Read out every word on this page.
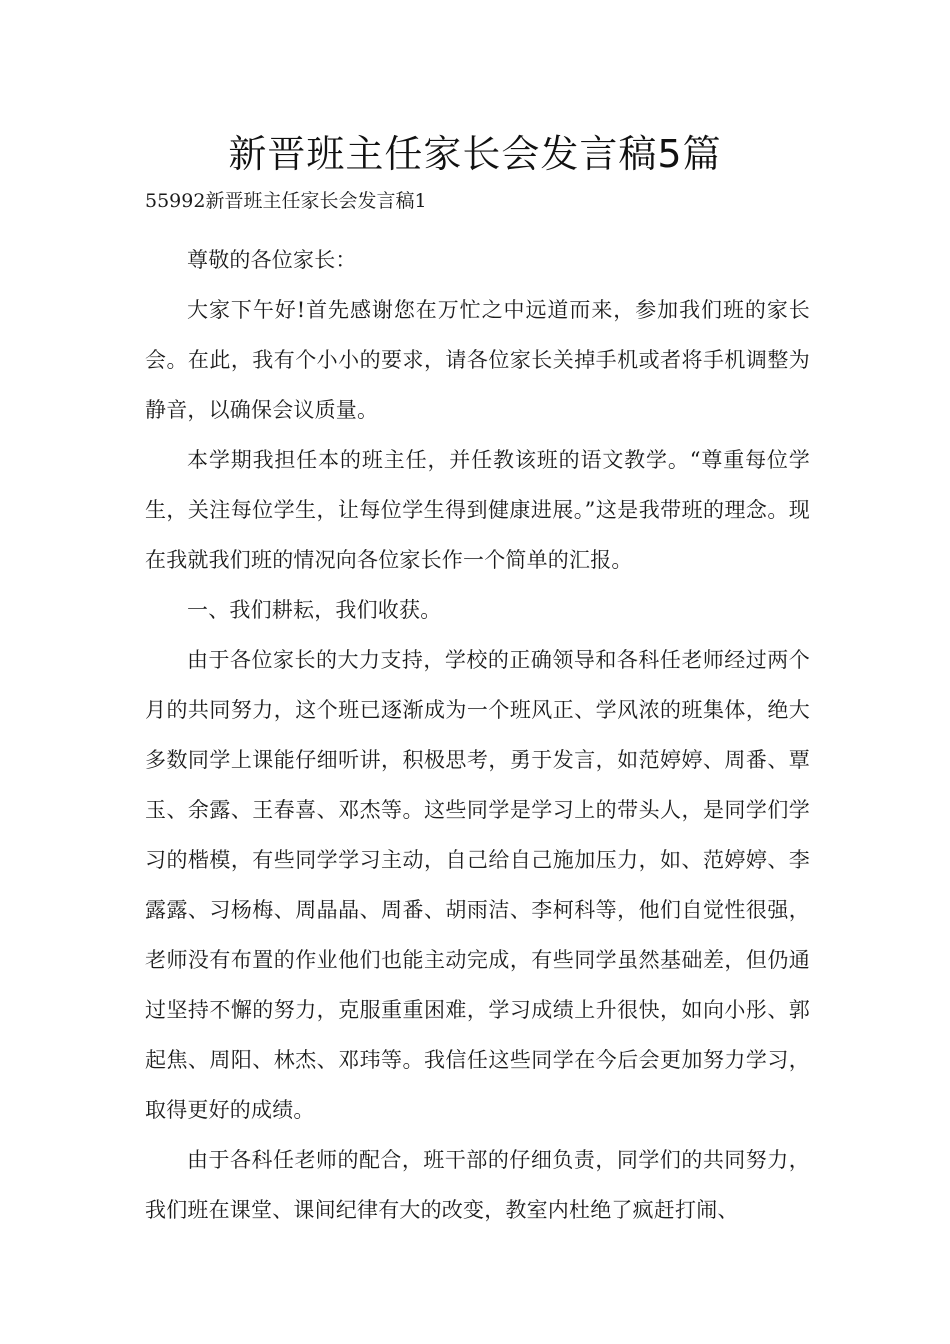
新晋班主任家长会发言稿5篇
55992新晋班主任家长会发言稿1

尊敬的各位家长：

大家下午好!首先感谢您在万忙之中远道而来，参加我们班的家长会。在此，我有个小小的要求，请各位家长关掉手机或者将手机调整为静音，以确保会议质量。

本学期我担任本的班主任，并任教该班的语文教学。“尊重每位学生，关注每位学生，让每位学生得到健康进展。”这是我带班的理念。现在我就我们班的情况向各位家长作一个简单的汇报。

一、我们耕耘，我们收获。

由于各位家长的大力支持，学校的正确领导和各科任老师经过两个月的共同努力，这个班已逐渐成为一个班风正、学风浓的班集体，绝大多数同学上课能仔细听讲，积极思考，勇于发言，如范婷婷、周番、覃玉、余露、王春喜、邓杰等。这些同学是学习上的带头人，是同学们学习的楷模，有些同学学习主动，自己给自己施加压力，如、范婷婷、李露露、习杨梅、周晶晶、周番、胡雨洁、李柯科等，他们自觉性很强，老师没有布置的作业他们也能主动完成，有些同学虽然基础差，但仍通过坚持不懈的努力，克服重重困难，学习成绩上升很快，如向小彤、郭起焦、周阳、林杰、邓玮等。我信任这些同学在今后会更加努力学习，取得更好的成绩。

由于各科任老师的配合，班干部的仔细负责，同学们的共同努力，我们班在课堂、课间纪律有大的改变，教室内杜绝了疯赶打闹、
